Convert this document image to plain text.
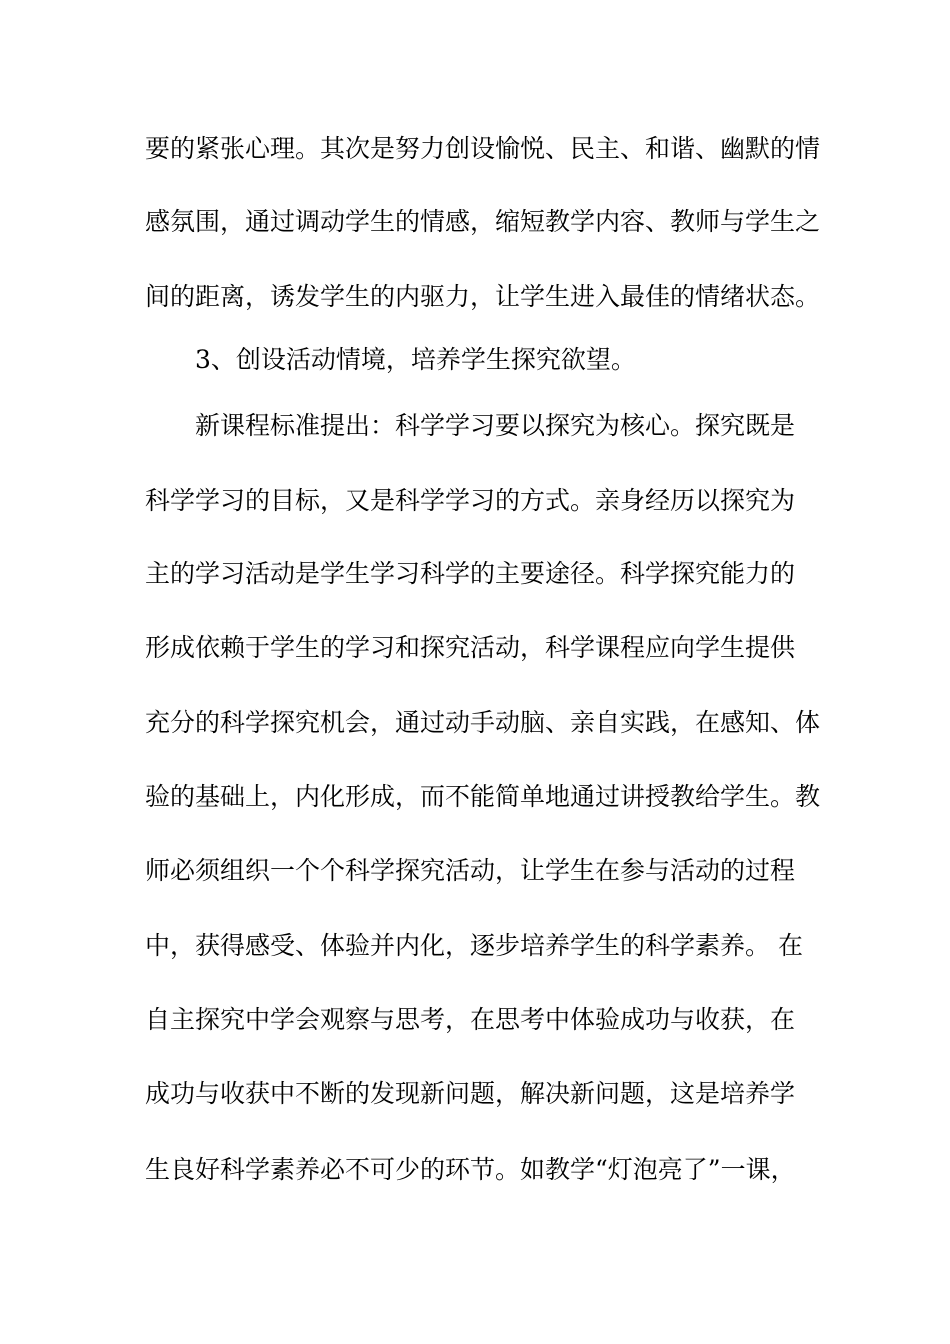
要的紧张心理。其次是努力创设愉悦、民主、和谐、幽默的情
感氛围，通过调动学生的情感，缩短教学内容、教师与学生之
间的距离，诱发学生的内驱力，让学生进入最佳的情绪状态。
3、创设活动情境，培养学生探究欲望。
新课程标准提出：科学学习要以探究为核心。探究既是
科学学习的目标，又是科学学习的方式。亲身经历以探究为
主的学习活动是学生学习科学的主要途径。科学探究能力的
形成依赖于学生的学习和探究活动，科学课程应向学生提供
充分的科学探究机会，通过动手动脑、亲自实践，在感知、体
验的基础上，内化形成，而不能简单地通过讲授教给学生。教
师必须组织一个个科学探究活动，让学生在参与活动的过程
中，获得感受、体验并内化，逐步培养学生的科学素养。 在
自主探究中学会观察与思考，在思考中体验成功与收获，在
成功与收获中不断的发现新问题，解决新问题，这是培养学
生良好科学素养必不可少的环节。如教学“灯泡亮了”一课，
